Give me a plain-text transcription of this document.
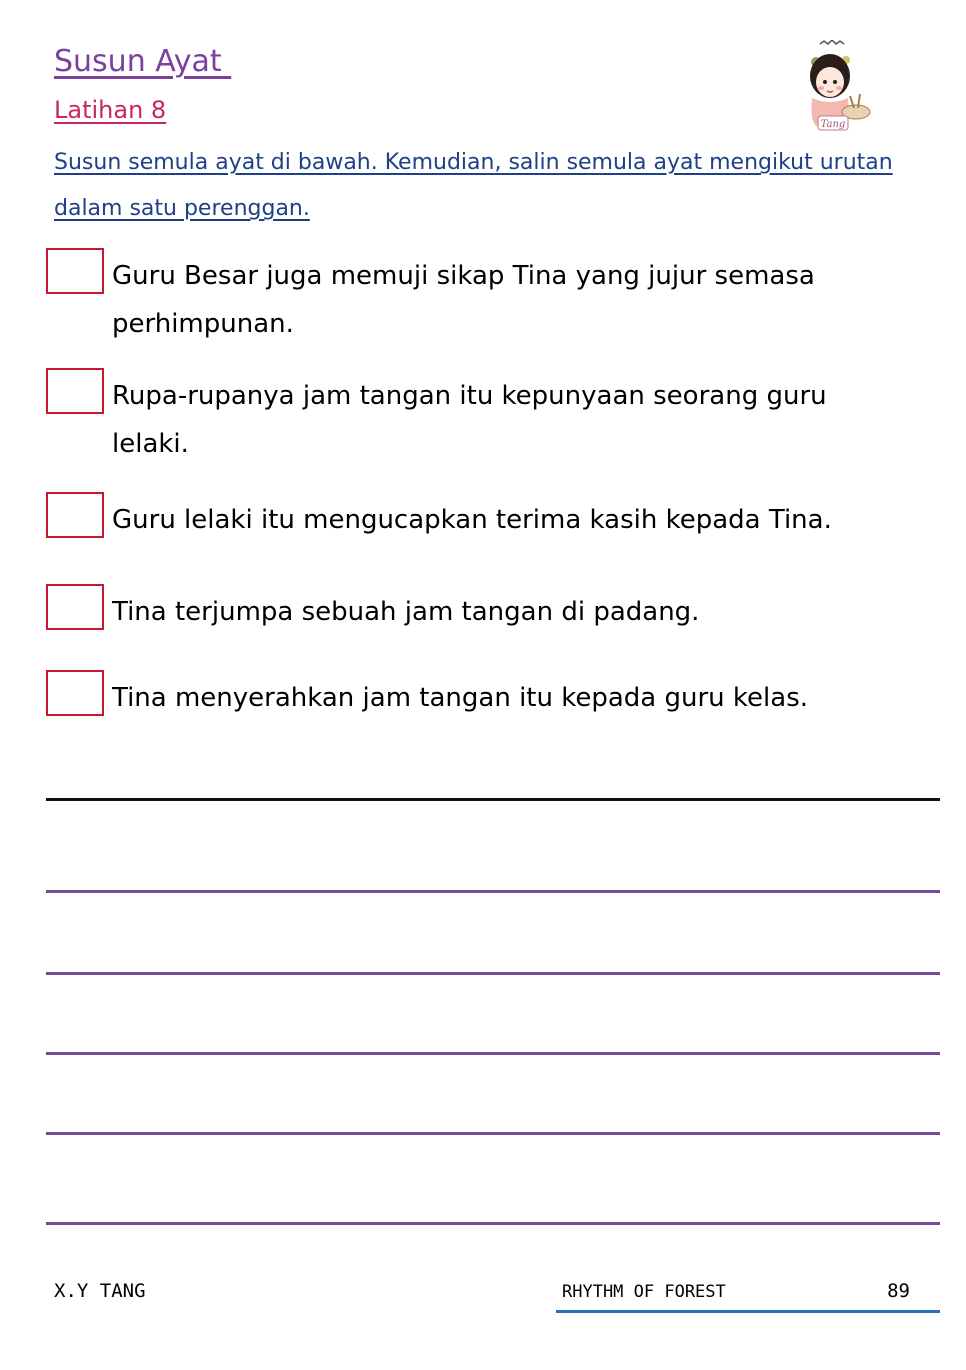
Susun Ayat
Latihan 8
Susun semula ayat di bawah. Kemudian, salin semula ayat mengikut urutan dalam satu perenggan.
Tang
Guru Besar juga memuji sikap Tina yang jujur semasa perhimpunan.
Rupa-rupanya jam tangan itu kepunyaan seorang guru lelaki.
Guru lelaki itu mengucapkan terima kasih kepada Tina.
Tina terjumpa sebuah jam tangan di padang.
Tina menyerahkan jam tangan itu kepada guru kelas.
X.Y TANG	RHYTHM OF FOREST	89
